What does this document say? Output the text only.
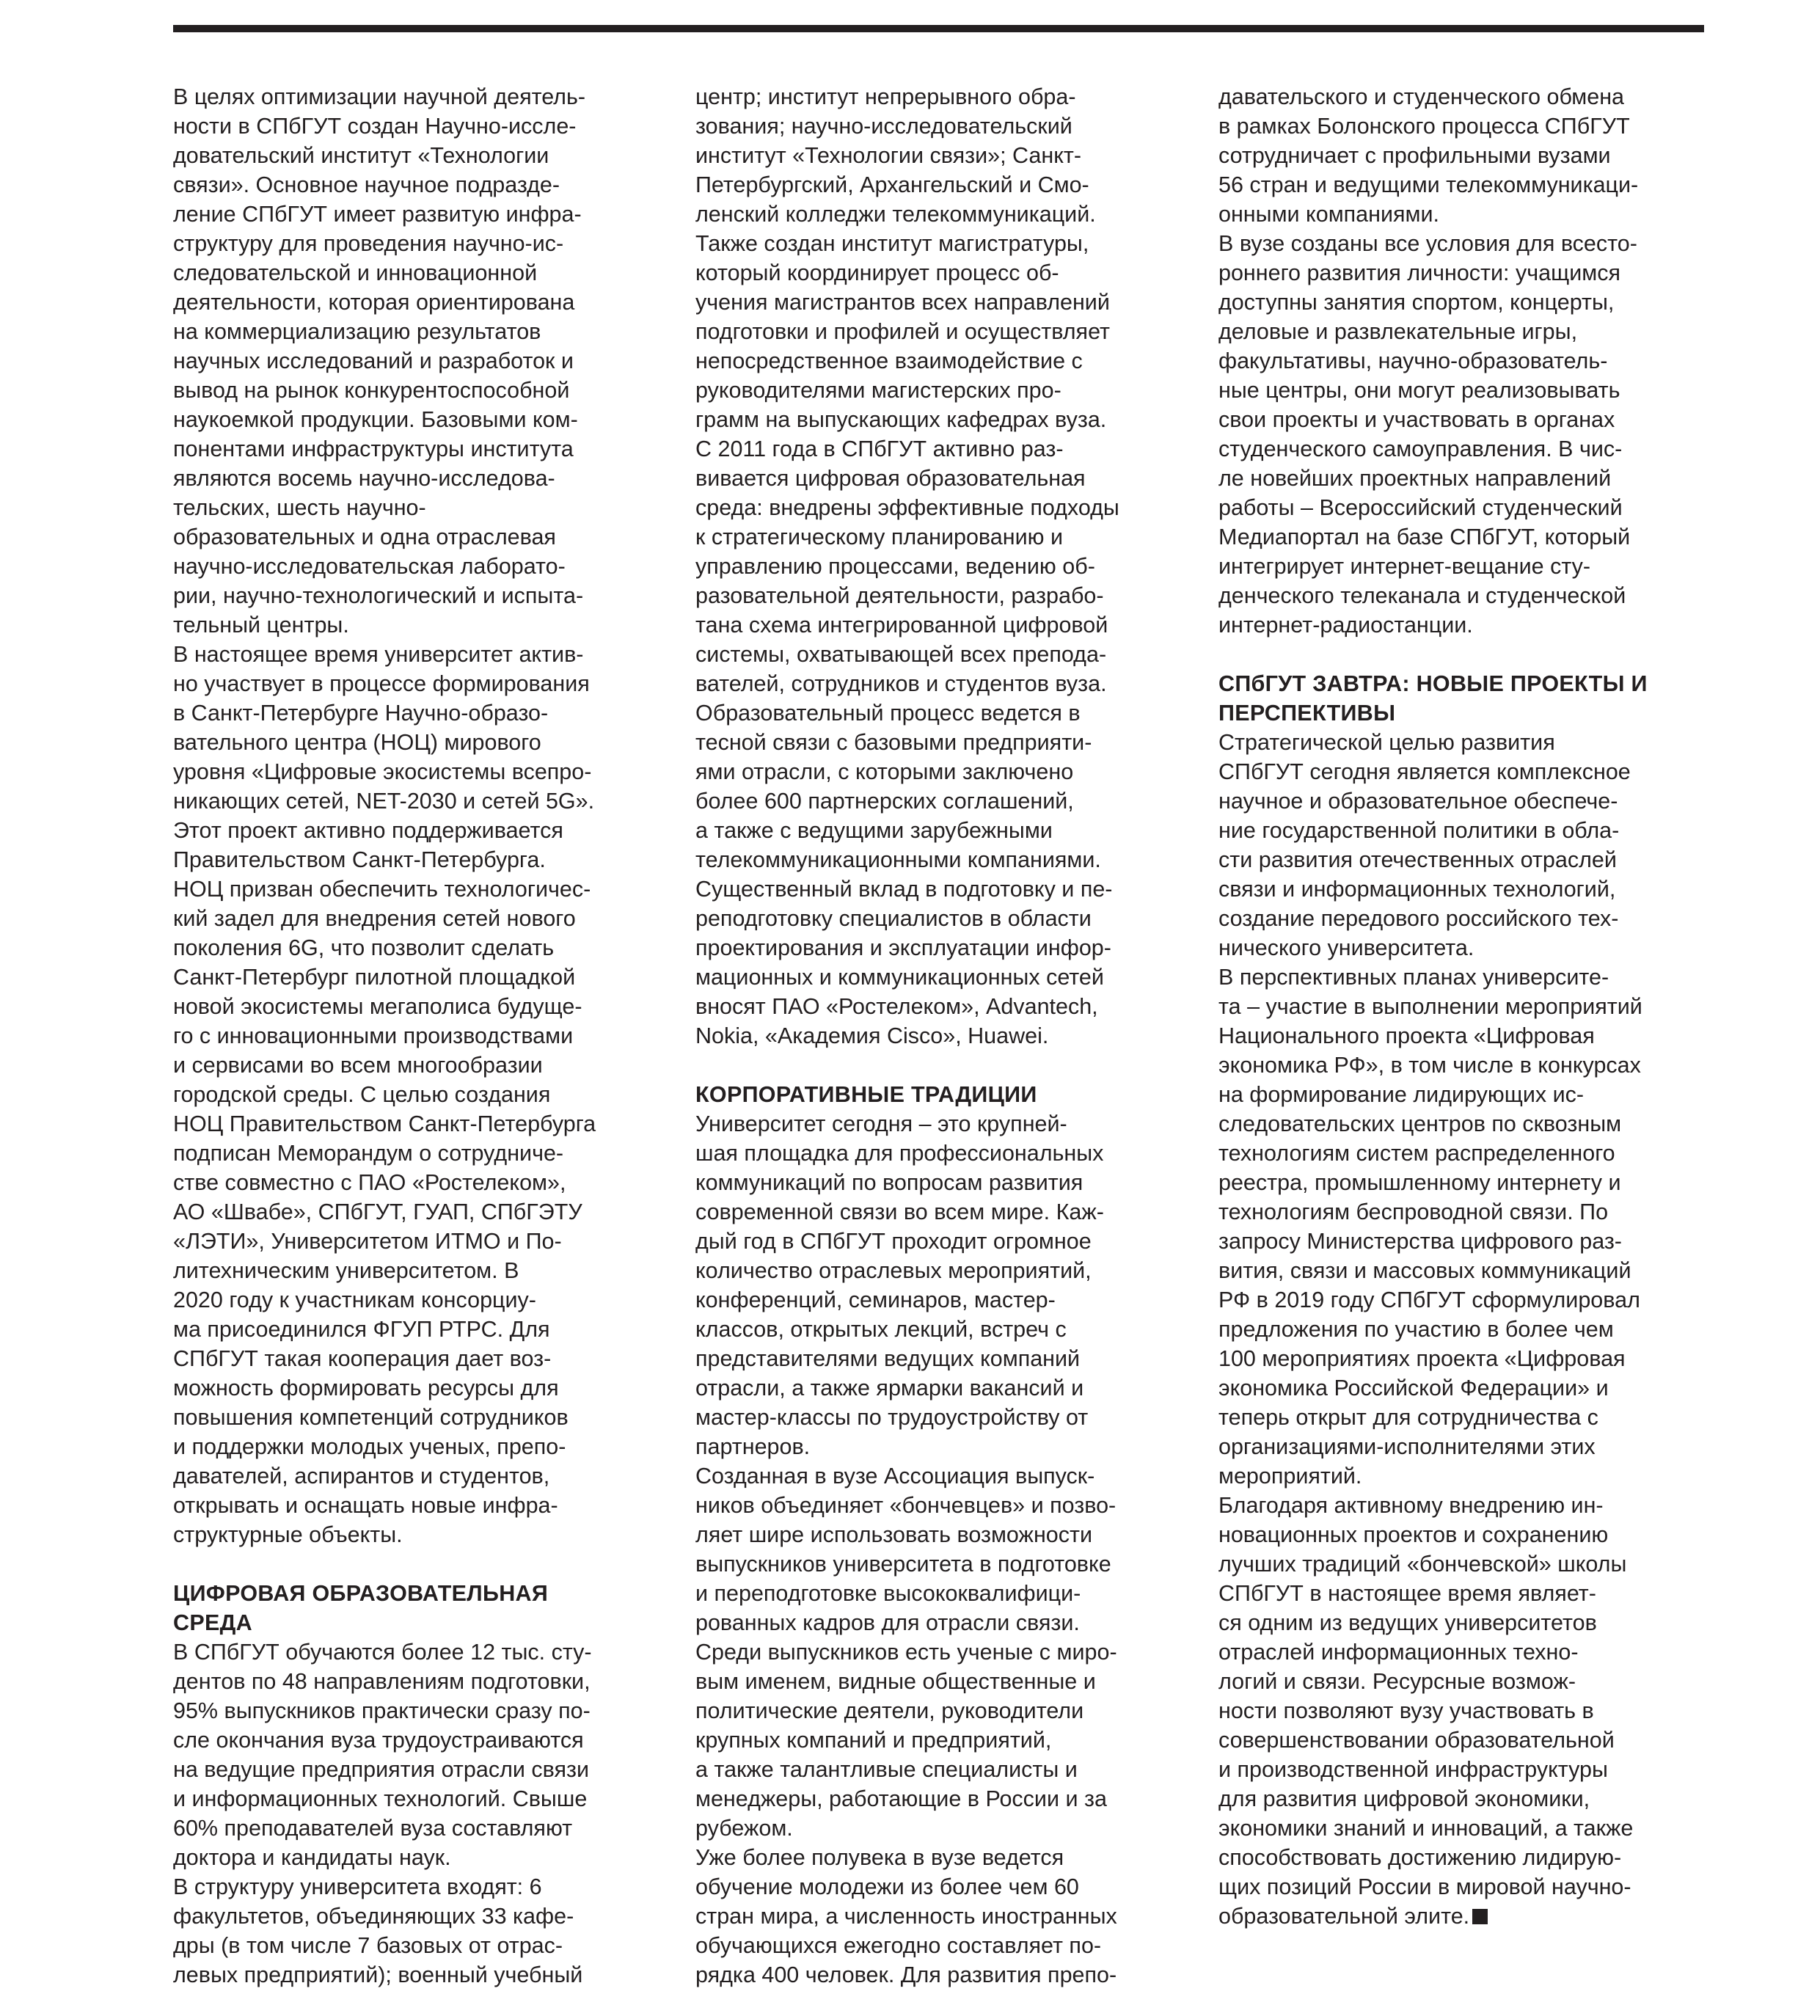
В целях оптимизации научной деятель-
ности в СПбГУТ создан Научно-иссле-
довательский институт «Технологии
связи». Основное научное подразде-
ление СПбГУТ имеет развитую инфра-
структуру для проведения научно-ис-
следовательской и инновационной
деятельности, которая ориентирована
на коммерциализацию результатов
научных исследований и разработок и
вывод на рынок конкурентоспособной
наукоемкой продукции. Базовыми ком-
понентами инфраструктуры института
являются восемь научно-исследова-
тельских, шесть научно-
образовательных и одна отраслевая
научно-исследовательская лаборато-
рии, научно-технологический и испыта-
тельный центры.

В настоящее время университет актив-
но участвует в процессе формирования
в Санкт-Петербурге Научно-образо-
вательного центра (НОЦ) мирового
уровня «Цифровые экосистемы всепро-
никающих сетей, NET-2030 и сетей 5G».
Этот проект активно поддерживается
Правительством Санкт-Петербурга.
НОЦ призван обеспечить технологичес-
кий задел для внедрения сетей нового
поколения 6G, что позволит сделать
Санкт-Петербург пилотной площадкой
новой экосистемы мегаполиса будуще-
го с инновационными производствами
и сервисами во всем многообразии
городской среды. С целью создания
НОЦ Правительством Санкт-Петербурга
подписан Меморандум о сотрудниче-
стве совместно с ПАО «Ростелеком»,
АО «Швабе», СПбГУТ, ГУАП, СПбГЭТУ
«ЛЭТИ», Университетом ИТМО и По-
литехническим университетом. В
2020 году к участникам консорциу-
ма присоединился ФГУП РТРС. Для
СПбГУТ такая кооперация дает воз-
можность формировать ресурсы для
повышения компетенций сотрудников
и поддержки молодых ученых, препо-
давателей, аспирантов и студентов,
открывать и оснащать новые инфра-
структурные объекты.

ЦИФРОВАЯ ОБРАЗОВАТЕЛЬНАЯ
СРЕДА

В СПбГУТ обучаются более 12 тыс. сту-
дентов по 48 направлениям подготовки,
95% выпускников практически сразу по-
сле окончания вуза трудоустраиваются
на ведущие предприятия отрасли связи
и информационных технологий. Свыше
60% преподавателей вуза составляют
доктора и кандидаты наук.

В структуру университета входят: 6
факультетов, объединяющих 33 кафе-
дры (в том числе 7 базовых от отрас-
левых предприятий); военный учебный

центр; институт непрерывного обра-
зования; научно-исследовательский
институт «Технологии связи»; Санкт-
Петербургский, Архангельский и Смо-
ленский колледжи телекоммуникаций.
Также создан институт магистратуры,
который координирует процесс об-
учения магистрантов всех направлений
подготовки и профилей и осуществляет
непосредственное взаимодействие с
руководителями магистерских про-
грамм на выпускающих кафедрах вуза.

С 2011 года в СПбГУТ активно раз-
вивается цифровая образовательная
среда: внедрены эффективные подходы
к стратегическому планированию и
управлению процессами, ведению об-
разовательной деятельности, разрабо-
тана схема интегрированной цифровой
системы, охватывающей всех препода-
вателей, сотрудников и студентов вуза.

Образовательный процесс ведется в
тесной связи с базовыми предприяти-
ями отрасли, с которыми заключено
более 600 партнерских соглашений,
а также с ведущими зарубежными
телекоммуникационными компаниями.
Существенный вклад в подготовку и пе-
реподготовку специалистов в области
проектирования и эксплуатации инфор-
мационных и коммуникационных сетей
вносят ПАО «Ростелеком», Advantech,
Nokia, «Академия Cisco», Huawei.

КОРПОРАТИВНЫЕ ТРАДИЦИИ

Университет сегодня – это крупней-
шая площадка для профессиональных
коммуникаций по вопросам развития
современной связи во всем мире. Каж-
дый год в СПбГУТ проходит огромное
количество отраслевых мероприятий,
конференций, семинаров, мастер-
классов, открытых лекций, встреч с
представителями ведущих компаний
отрасли, а также ярмарки вакансий и
мастер-классы по трудоустройству от
партнеров.

Созданная в вузе Ассоциация выпуск-
ников объединяет «бончевцев» и позво-
ляет шире использовать возможности
выпускников университета в подготовке
и переподготовке высококвалифици-
рованных кадров для отрасли связи.
Среди выпускников есть ученые с миро-
вым именем, видные общественные и
политические деятели, руководители
крупных компаний и предприятий,
а также талантливые специалисты и
менеджеры, работающие в России и за
рубежом.

Уже более полувека в вузе ведется
обучение молодежи из более чем 60
стран мира, а численность иностранных
обучающихся ежегодно составляет по-
рядка 400 человек. Для развития препо-

давательского и студенческого обмена
в рамках Болонского процесса СПбГУТ
сотрудничает с профильными вузами
56 стран и ведущими телекоммуникаци-
онными компаниями.

В вузе созданы все условия для всесто-
роннего развития личности: учащимся
доступны занятия спортом, концерты,
деловые и развлекательные игры,
факультативы, научно-образователь-
ные центры, они могут реализовывать
свои проекты и участвовать в органах
студенческого самоуправления. В чис-
ле новейших проектных направлений
работы – Всероссийский студенческий
Медиапортал на базе СПбГУТ, который
интегрирует интернет-вещание сту-
денческого телеканала и студенческой
интернет-радиостанции.

СПбГУТ ЗАВТРА: НОВЫЕ ПРОЕКТЫ И
ПЕРСПЕКТИВЫ

Стратегической целью развития
СПбГУТ сегодня является комплексное
научное и образовательное обеспече-
ние государственной политики в обла-
сти развития отечественных отраслей
связи и информационных технологий,
создание передового российского тех-
нического университета.

В перспективных планах университе-
та – участие в выполнении мероприятий
Национального проекта «Цифровая
экономика РФ», в том числе в конкурсах
на формирование лидирующих ис-
следовательских центров по сквозным
технологиям систем распределенного
реестра, промышленному интернету и
технологиям беспроводной связи. По
запросу Министерства цифрового раз-
вития, связи и массовых коммуникаций
РФ в 2019 году СПбГУТ сформулировал
предложения по участию в более чем
100 мероприятиях проекта «Цифровая
экономика Российской Федерации» и
теперь открыт для сотрудничества с
организациями-исполнителями этих
мероприятий.

Благодаря активному внедрению ин-
новационных проектов и сохранению
лучших традиций «бончевской» школы
СПбГУТ в настоящее время являет-
ся одним из ведущих университетов
отраслей информационных техно-
логий и связи. Ресурсные возмож-
ности позволяют вузу участвовать в
совершенствовании образовательной
и производственной инфраструктуры
для развития цифровой экономики,
экономики знаний и инноваций, а также
способствовать достижению лидирую-
щих позиций России в мировой научно-
образовательной элите.
